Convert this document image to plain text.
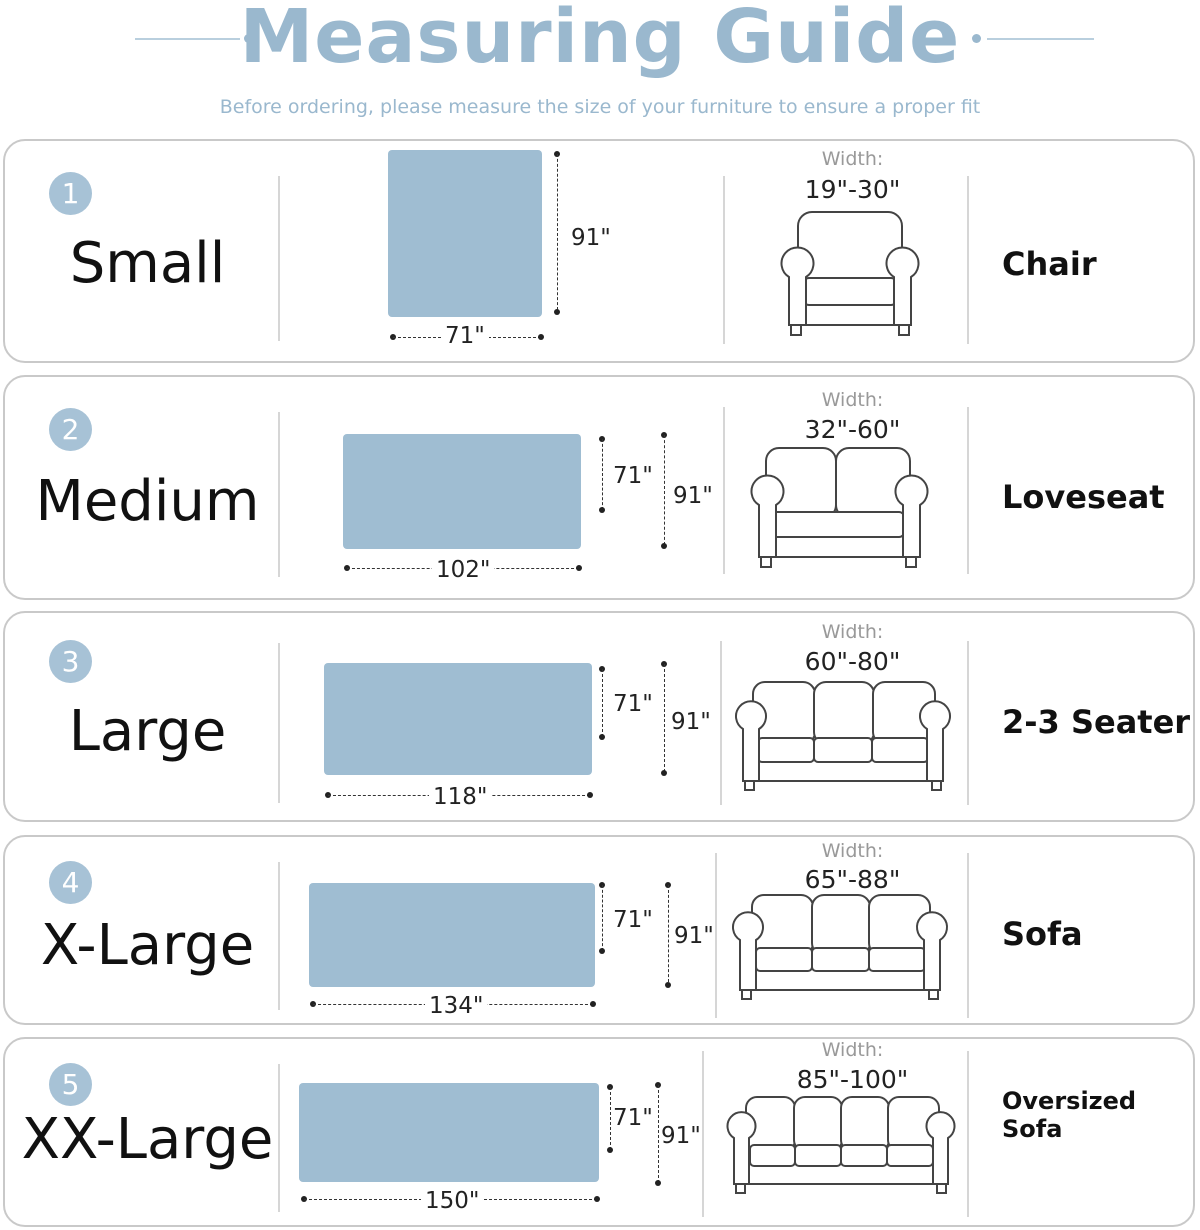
Measuring Guide
Before ordering, please measure the size of your furniture to ensure a proper fit
1
Small	91"
71"
Width:
19"-30"
Chair
2
Medium	71"
91"
102"
Width:
32"-60"
Loveseat
3
Large	71"
91"
118"
Width:
60"-80"
2-3 Seater
4
X-Large	71"
91"
134"
Width:
65"-88"
Sofa
5
XX-Large	71"
91"
150"
Width:
85"-100"
Oversized Sofa
